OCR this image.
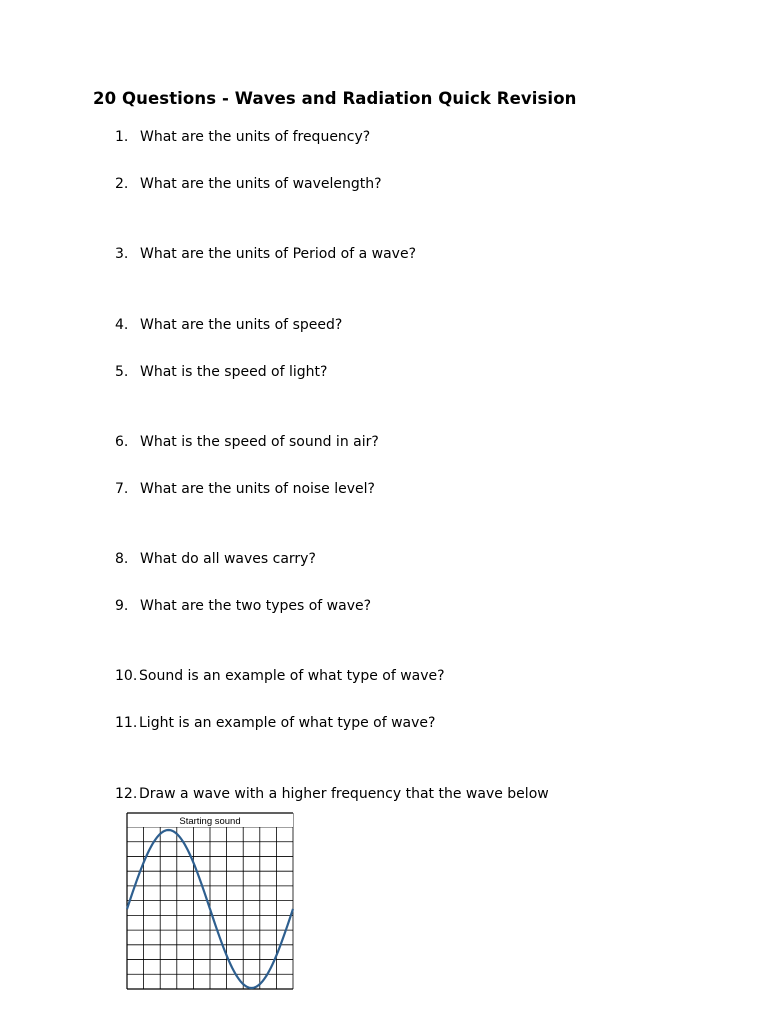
20 Questions - Waves and Radiation Quick Revision
1. What are the units of frequency?
2. What are the units of wavelength?
3. What are the units of Period of a wave?
4. What are the units of speed?
5. What is the speed of light?
6. What is the speed of sound in air?
7. What are the units of noise level?
8. What do all waves carry?
9. What are the two types of wave?
10. Sound is an example of what type of wave?
11. Light is an example of what type of wave?
12. Draw a wave with a higher frequency that the wave below
Starting sound
